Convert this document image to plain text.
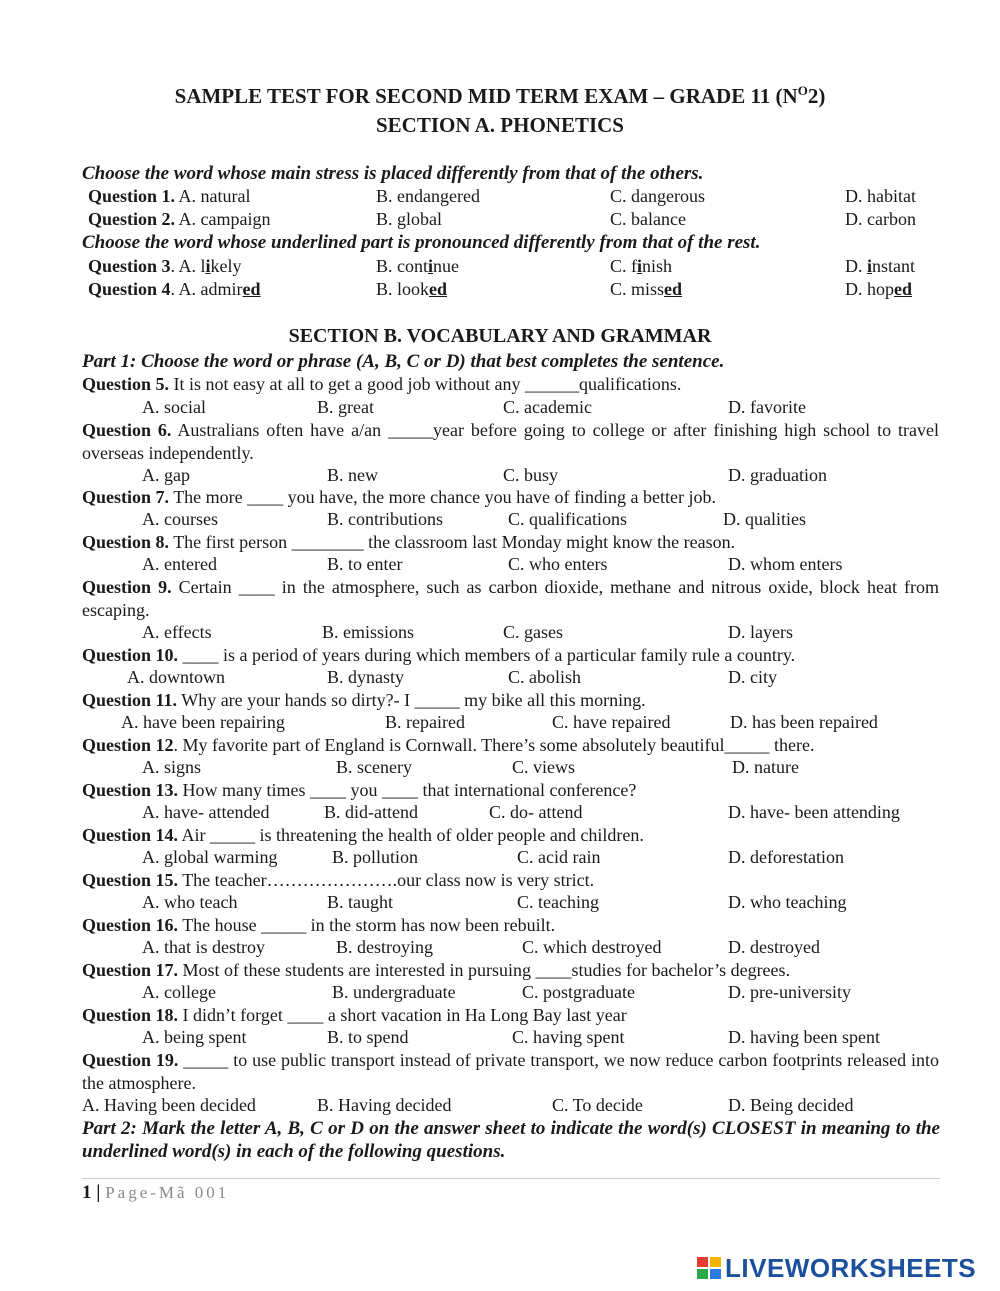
SAMPLE TEST FOR SECOND MID TERM EXAM – GRADE 11 $(N^O2)$
SECTION A. PHONETICS
Choose the word whose main stress is placed differently from that of the others.
Question 1. A. natural	B. endangered	C. dangerous	D. habitat
Question 2. A. campaign	B. global	C. balance	D. carbon
Choose the word whose underlined part is pronounced differently from that of the rest.
Question 3. A. likely	B. continue	C. finish	D. instant
Question 4. A. admired	B. looked	C. missed	D. hoped
SECTION B. VOCABULARY AND GRAMMAR
Part 1: Choose the word or phrase (A, B, C or D) that best completes the sentence.
Question 5. It is not easy at all to get a good job without any ______qualifications.
A. social	B. great	C. academic	D. favorite
Question 6. Australians often have a/an _____year before going to college or after finishing high school to travel overseas independently.
A. gap	B. new	C. busy	D. graduation
Question 7. The more ____ you have, the more chance you have of finding a better job.
A. courses	B. contributions	C. qualifications	D. qualities
Question 8. The first person ________ the classroom last Monday might know the reason.
A. entered	B. to enter	C. who enters	D. whom enters
Question 9. Certain ____ in the atmosphere, such as carbon dioxide, methane and nitrous oxide, block heat from escaping.
A. effects	B. emissions	C. gases	D. layers
Question 10. ____ is a period of years during which members of a particular family rule a country.
A. downtown	B. dynasty	C. abolish	D. city
Question 11. Why are your hands so dirty?- I _____ my bike all this morning.
A. have been repairing	B. repaired	C. have repaired	D. has been repaired
Question 12. My favorite part of England is Cornwall. There’s some absolutely beautiful_____ there.
A. signs	B. scenery	C. views	D. nature
Question 13. How many times ____ you ____ that international conference?
A. have- attended	B. did-attend	C. do- attend	D. have- been attending
Question 14. Air _____ is threatening the health of older people and children.
A. global warming	B. pollution	C. acid rain	D. deforestation
Question 15. The teacher………………….our class now is very strict.
A. who teach	B. taught	C. teaching	D. who teaching
Question 16. The house _____ in the storm has now been rebuilt.
A. that is destroy	B. destroying	C. which destroyed	D. destroyed
Question 17. Most of these students are interested in pursuing ____studies for bachelor’s degrees.
A. college	B. undergraduate	C. postgraduate	D. pre-university
Question 18. I didn’t forget ____ a short vacation in Ha Long Bay last year
A. being spent	B. to spend	C. having spent	D. having been spent
Question 19. _____ to use public transport instead of private transport, we now reduce carbon footprints released into the atmosphere.
A. Having been decided	B. Having decided	C. To decide	D. Being decided
Part 2: Mark the letter A, B, C or D on the answer sheet to indicate the word(s) CLOSEST in meaning to the underlined word(s) in each of the following questions.
1 | Page-Mã 001
LIVEWORKSHEETS
